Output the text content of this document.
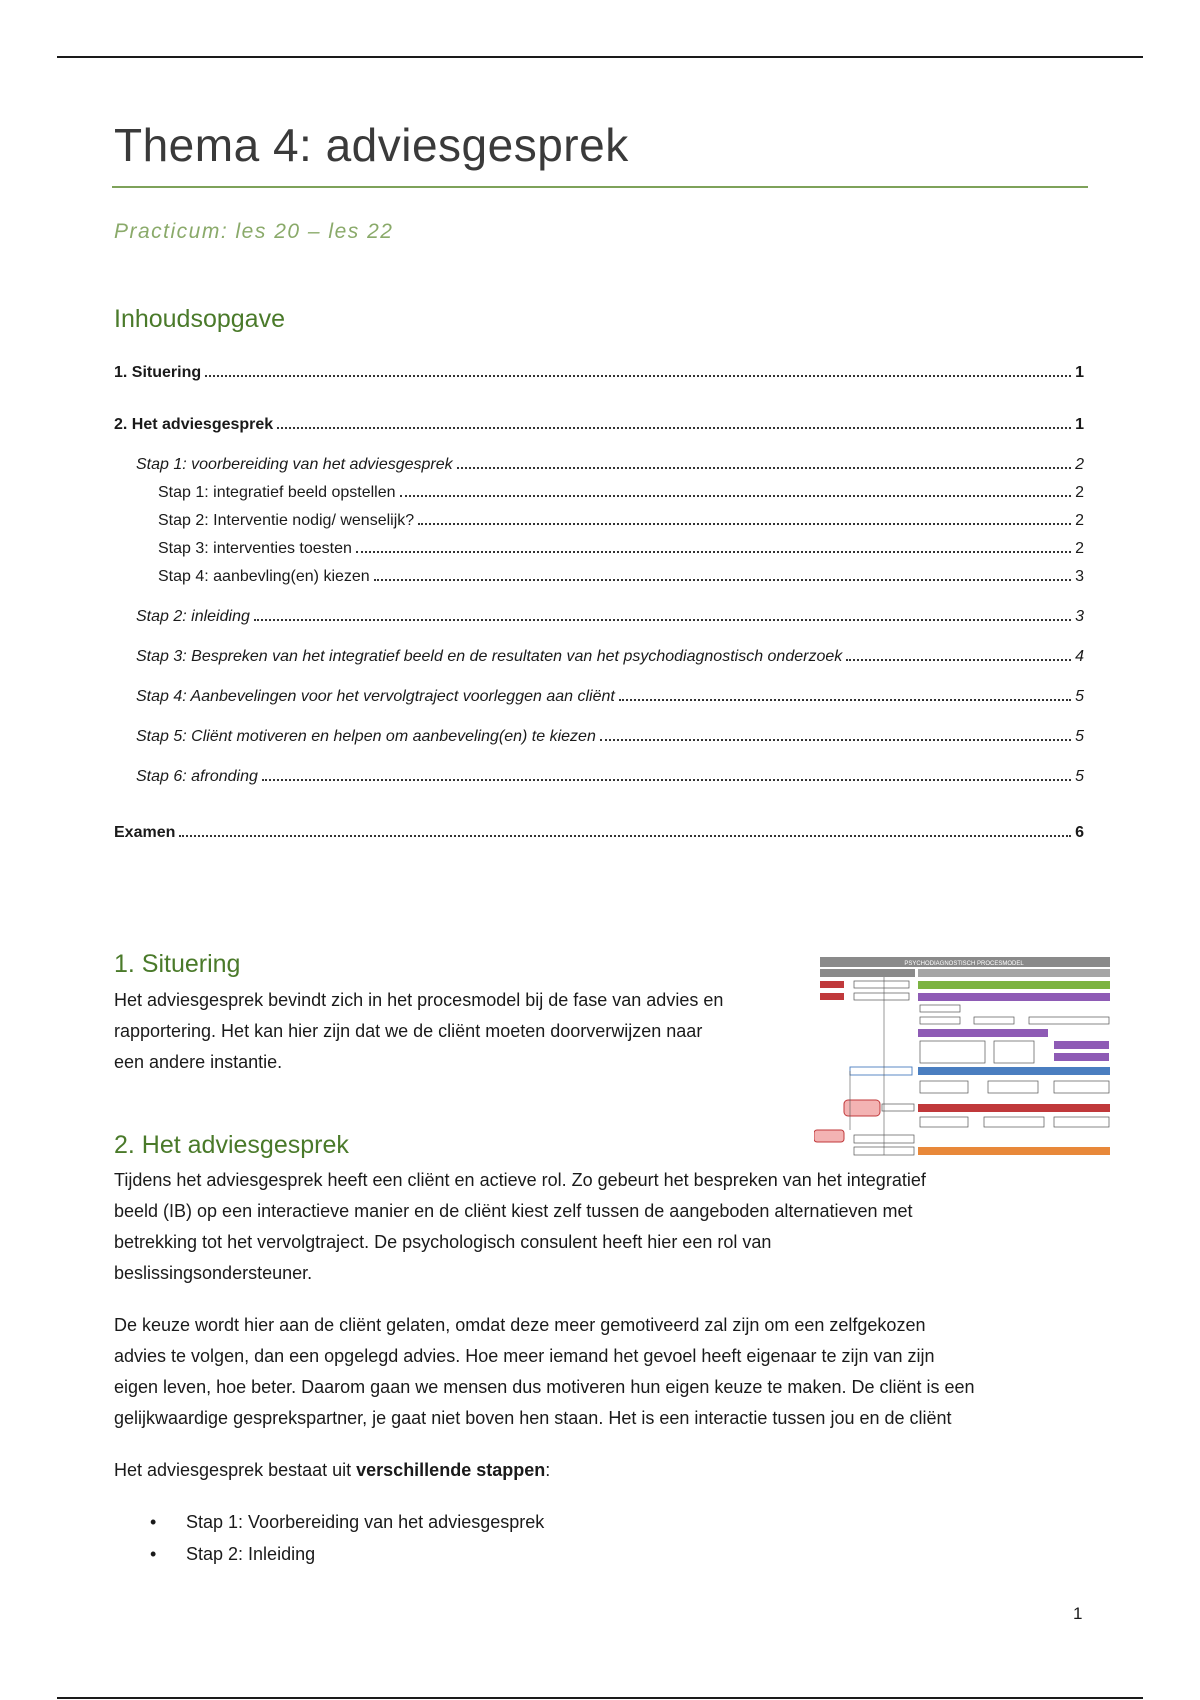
Thema 4: adviesgesprek
Practicum: les 20 – les 22
Inhoudsopgave
1. Situering	1
2. Het adviesgesprek	1
Stap 1: voorbereiding van het adviesgesprek	2
Stap 1: integratief beeld opstellen	2
Stap 2: Interventie nodig/ wenselijk?	2
Stap 3: interventies toesten	2
Stap 4: aanbevling(en) kiezen	3
Stap 2: inleiding	3
Stap 3: Bespreken van het integratief beeld en de resultaten van het psychodiagnostisch onderzoek	4
Stap 4: Aanbevelingen voor het vervolgtraject voorleggen aan cliënt	5
Stap 5: Cliënt motiveren en helpen om aanbeveling(en) te kiezen	5
Stap 6: afronding	5
Examen	6
1. Situering
Het adviesgesprek bevindt zich in het procesmodel bij de fase van advies en
rapportering. Het kan hier zijn dat we de cliënt moeten doorverwijzen naar
een andere instantie.
PSYCHODIAGNOSTISCH PROCESMODEL
2. Het adviesgesprek
Tijdens het adviesgesprek heeft een cliënt en actieve rol. Zo gebeurt het bespreken van het integratief
beeld (IB) op een interactieve manier en de cliënt kiest zelf tussen de aangeboden alternatieven met
betrekking tot het vervolgtraject. De psychologisch consulent heeft hier een rol van
beslissingsondersteuner.
De keuze wordt hier aan de cliënt gelaten, omdat deze meer gemotiveerd zal zijn om een zelfgekozen
advies te volgen, dan een opgelegd advies. Hoe meer iemand het gevoel heeft eigenaar te zijn van zijn
eigen leven, hoe beter. Daarom gaan we mensen dus motiveren hun eigen keuze te maken. De cliënt is een
gelijkwaardige gesprekspartner, je gaat niet boven hen staan. Het is een interactie tussen jou en de cliënt
Het adviesgesprek bestaat uit verschillende stappen:
• Stap 1: Voorbereiding van het adviesgesprek
• Stap 2: Inleiding
1
